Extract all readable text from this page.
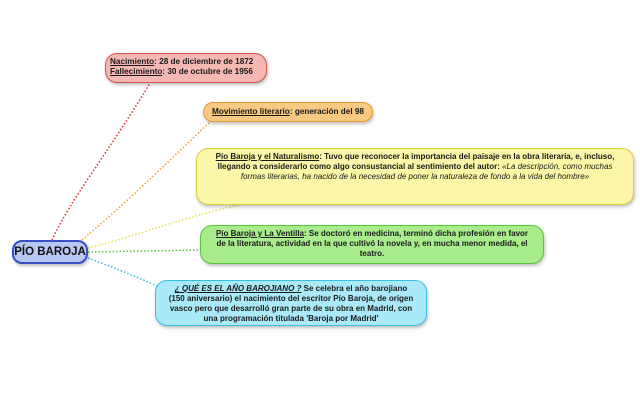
PÍO BAROJA
Nacimiento: 28 de diciembre de 1872
Fallecimiento: 30 de octubre de 1956
Movimiento literario: generación del 98
Pío Baroja y el Naturalismo: Tuvo que reconocer la importancia del paisaje en la obra literaria, e, incluso,
llegando a considerarlo como algo consustancial al sentimiento del autor: «La descripción, como muchas
formas literarias, ha nacido de la necesidad de poner la naturaleza de fondo a la vida del hombre»
Pío Baroja y La Ventilla: Se doctoró en medicina, terminó dicha profesión en favor
de la literatura, actividad en la que cultivó la novela y, en mucha menor medida, el
teatro.
¿ QUÉ ES EL AÑO BAROJIANO ? Se celebra el año barojiano
(150 aniversario) el nacimiento del escritor Pío Baroja, de origen
vasco pero que desarrolló gran parte de su obra en Madrid, con
una programación titulada 'Baroja por Madrid'
